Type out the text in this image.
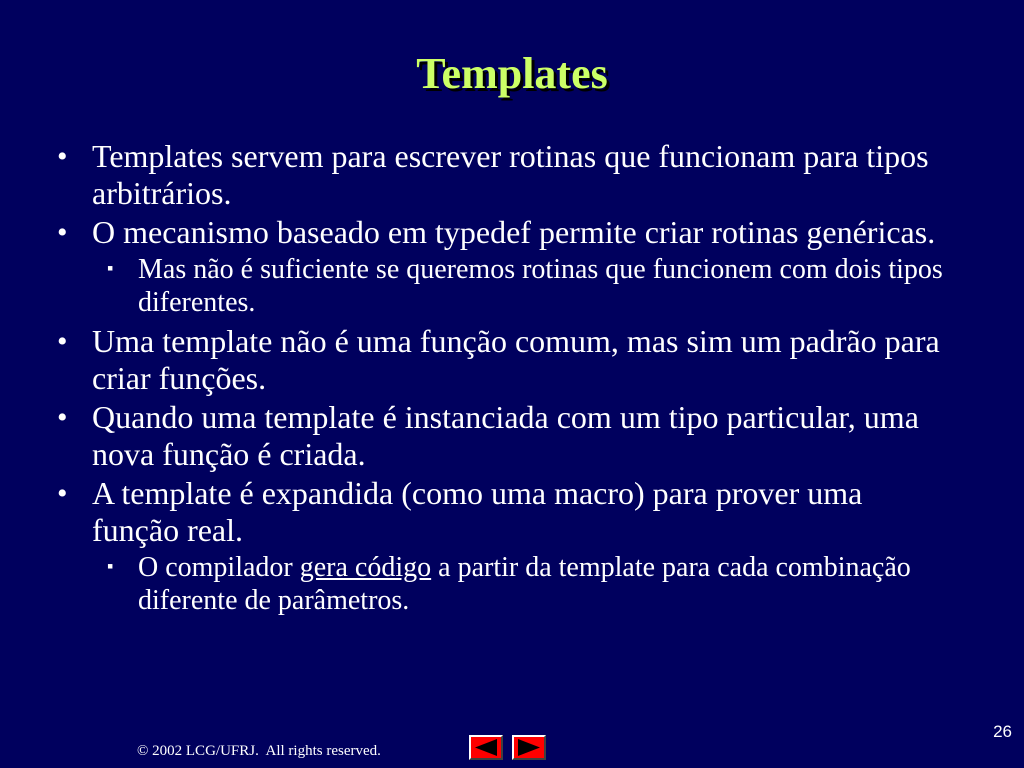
Templates
• Templates servem para escrever rotinas que funcionam para tipos arbitrários.
• O mecanismo baseado em typedef permite criar rotinas genéricas.
▪ Mas não é suficiente se queremos rotinas que funcionem com dois tipos diferentes.
• Uma template não é uma função comum, mas sim um padrão para criar funções.
• Quando uma template é instanciada com um tipo particular, uma nova função é criada.
• A template é expandida (como uma macro) para prover uma função real.
▪ O compilador gera código a partir da template para cada combinação diferente de parâmetros.
© 2002 LCG/UFRJ.  All rights reserved.
26
